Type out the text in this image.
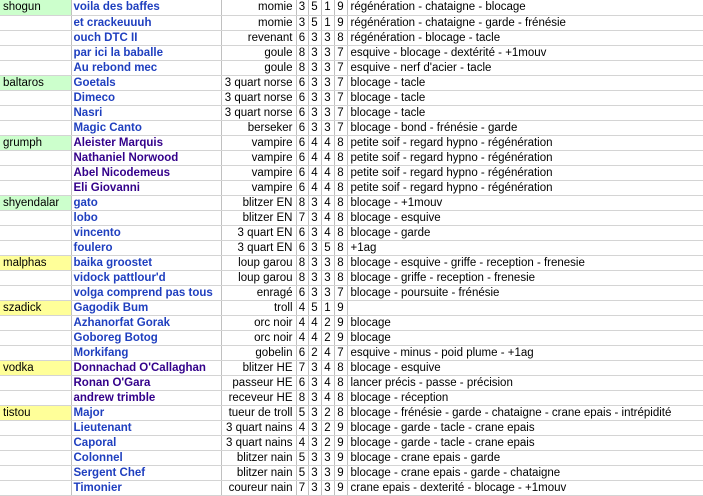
shogun	voila des baffes	momie	3	5	1	9	régénération - chataigne - blocage
	et crackeuuuh	momie	3	5	1	9	régénération - chataigne - garde - frénésie
	ouch DTC II	revenant	6	3	3	8	régénération - blocage - tacle
	par ici la baballe	goule	8	3	3	7	esquive - blocage - dextérité - +1mouv
	Au rebond mec	goule	8	3	3	7	esquive - nerf d'acier - tacle
baltaros	Goetals	3 quart norse	6	3	3	7	blocage - tacle
	Dimeco	3 quart norse	6	3	3	7	blocage - tacle
	Nasri	3 quart norse	6	3	3	7	blocage - tacle
	Magic Canto	berseker	6	3	3	7	blocage - bond - frénésie - garde
grumph	Aleister Marquis	vampire	6	4	4	8	petite soif - regard hypno - régénération
	Nathaniel Norwood	vampire	6	4	4	8	petite soif - regard hypno - régénération
	Abel Nicodemeus	vampire	6	4	4	8	petite soif - regard hypno - régénération
	Eli Giovanni	vampire	6	4	4	8	petite soif - regard hypno - régénération
shyendalar	gato	blitzer EN	8	3	4	8	blocage - +1mouv
	lobo	blitzer EN	7	3	4	8	blocage - esquive
	vincento	3 quart EN	6	3	4	8	blocage - garde
	foulero	3 quart EN	6	3	5	8	+1ag
malphas	baika groostet	loup garou	8	3	3	8	blocage - esquive - griffe - reception - frenesie
	vidock pattlour'd	loup garou	8	3	3	8	blocage - griffe - reception - frenesie
	volga comprend pas tous	enragé	6	3	3	7	blocage - poursuite - frénésie
szadick	Gagodik Bum	troll	4	5	1	9	
	Azhanorfat Gorak	orc noir	4	4	2	9	blocage
	Goboreg Botog	orc noir	4	4	2	9	blocage
	Morkifang	gobelin	6	2	4	7	esquive - minus - poid plume - +1ag
vodka	Donnachad O'Callaghan	blitzer HE	7	3	4	8	blocage - esquive
	Ronan O'Gara	passeur HE	6	3	4	8	lancer précis - passe - précision
	andrew trimble	receveur HE	8	3	4	8	blocage - réception
tistou	Major	tueur de troll	5	3	2	8	blocage - frénésie - garde - chataigne - crane epais - intrépidité
	Lieutenant	3 quart nains	4	3	2	9	blocage - garde - tacle - crane epais
	Caporal	3 quart nains	4	3	2	9	blocage - garde - tacle - crane epais
	Colonnel	blitzer nain	5	3	3	9	blocage - crane epais - garde
	Sergent Chef	blitzer nain	5	3	3	9	blocage - crane epais - garde - chataigne
	Timonier	coureur nain	7	3	3	9	crane epais - dexterité - blocage - +1mouv
